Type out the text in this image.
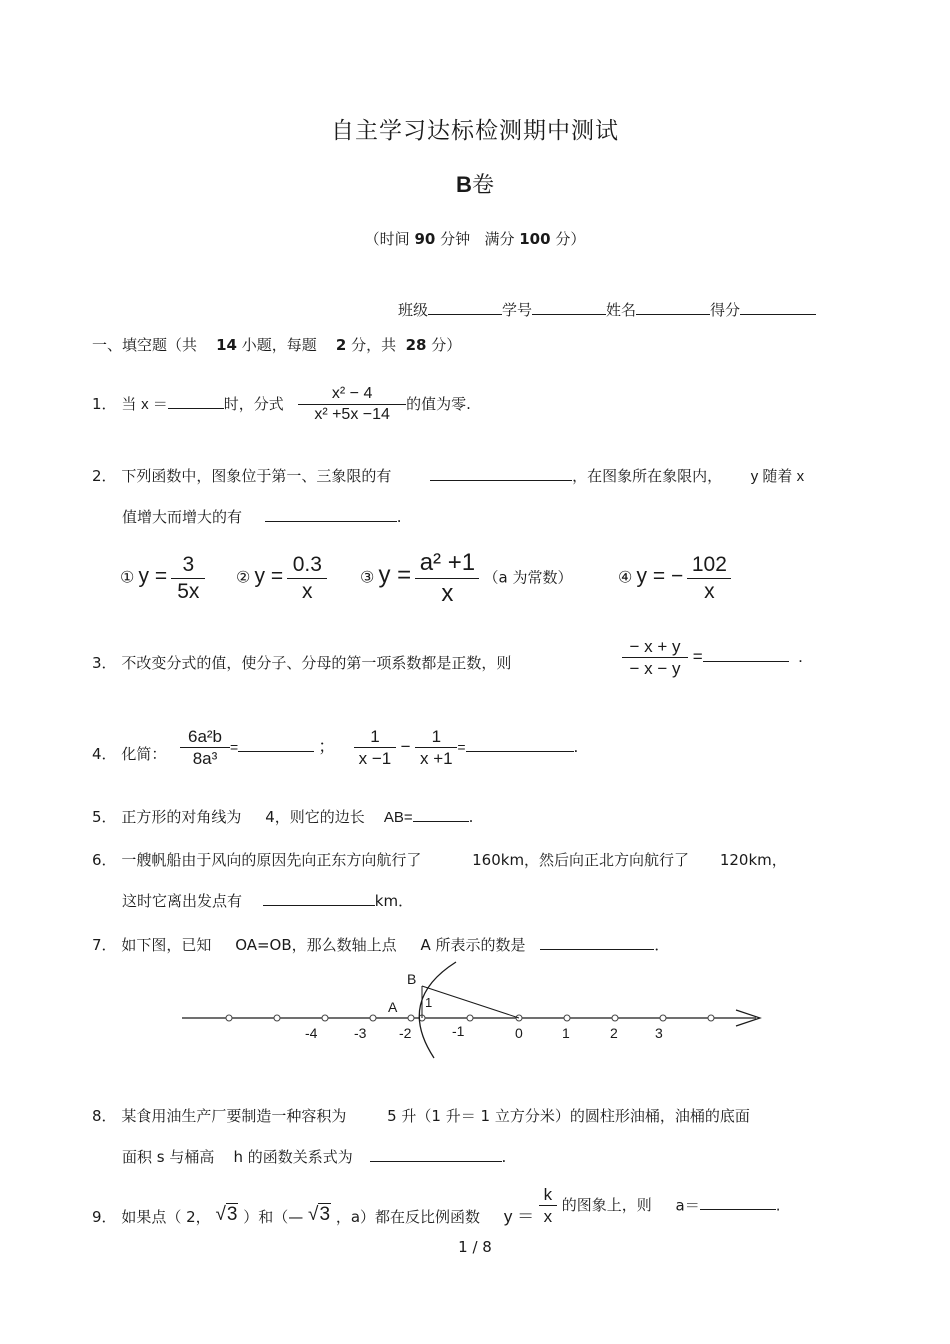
自主学习达标检测期中测试
B卷
（时间 90 分钟 满分 100 分）
班级	学号	姓名	得分
一、填空题（共 14 小题，每题 2 分，共 28 分）
1． 当 x ＝	时，分式 $\frac{\text{x² − 4}}{\text{x² +5x −14}}$ 的值为零.
2． 下列函数中，图象位于第一、三象限的有	，在图象所在象限内， y 随着 x
值增大而增大的有	.
① $y = \frac{3}{5x}$ ② $y = \frac{0.3}{x}$ ③ $y = \frac{\text{a² +1}}{x} (a$ 为常数）	④ y = − $\frac{102}{x}$
3． 不改变分式的值，使分子、分母的第一项系数都是正数，则	$\frac{- x + y}{- x - y}$ =	.
4． 化简： $\frac{\text{6a²b}}{\text{8a³}}$ =	； $\frac{1}{x -1} - \frac{1}{x +1}$ =	.
5． 正方形的对角线为 4，则它的边长 AB=	.
6． 一艘帆船由于风向的原因先向正东方向航行了	160km，然后向正北方向航行了 120km，
这时它离出发点有	km．
7． 如下图，已知 OA=OB，那么数轴上点 A 所表示的数是	．
B
A 1
-4	-3 -2	-1	0	1	2	3
8． 某食用油生产厂要制造一种容积为	5 升（1 升＝ 1 立方分米）的圆柱形油桶，油桶的底面
面积 s 与桶高 h 的函数关系式为	.
9． 如果点（ 2， √3 ）和（— √3 ，a）都在反比例函数 $y = \frac{k}{x}$ 的图象上，则 a＝	.
1 / 8
